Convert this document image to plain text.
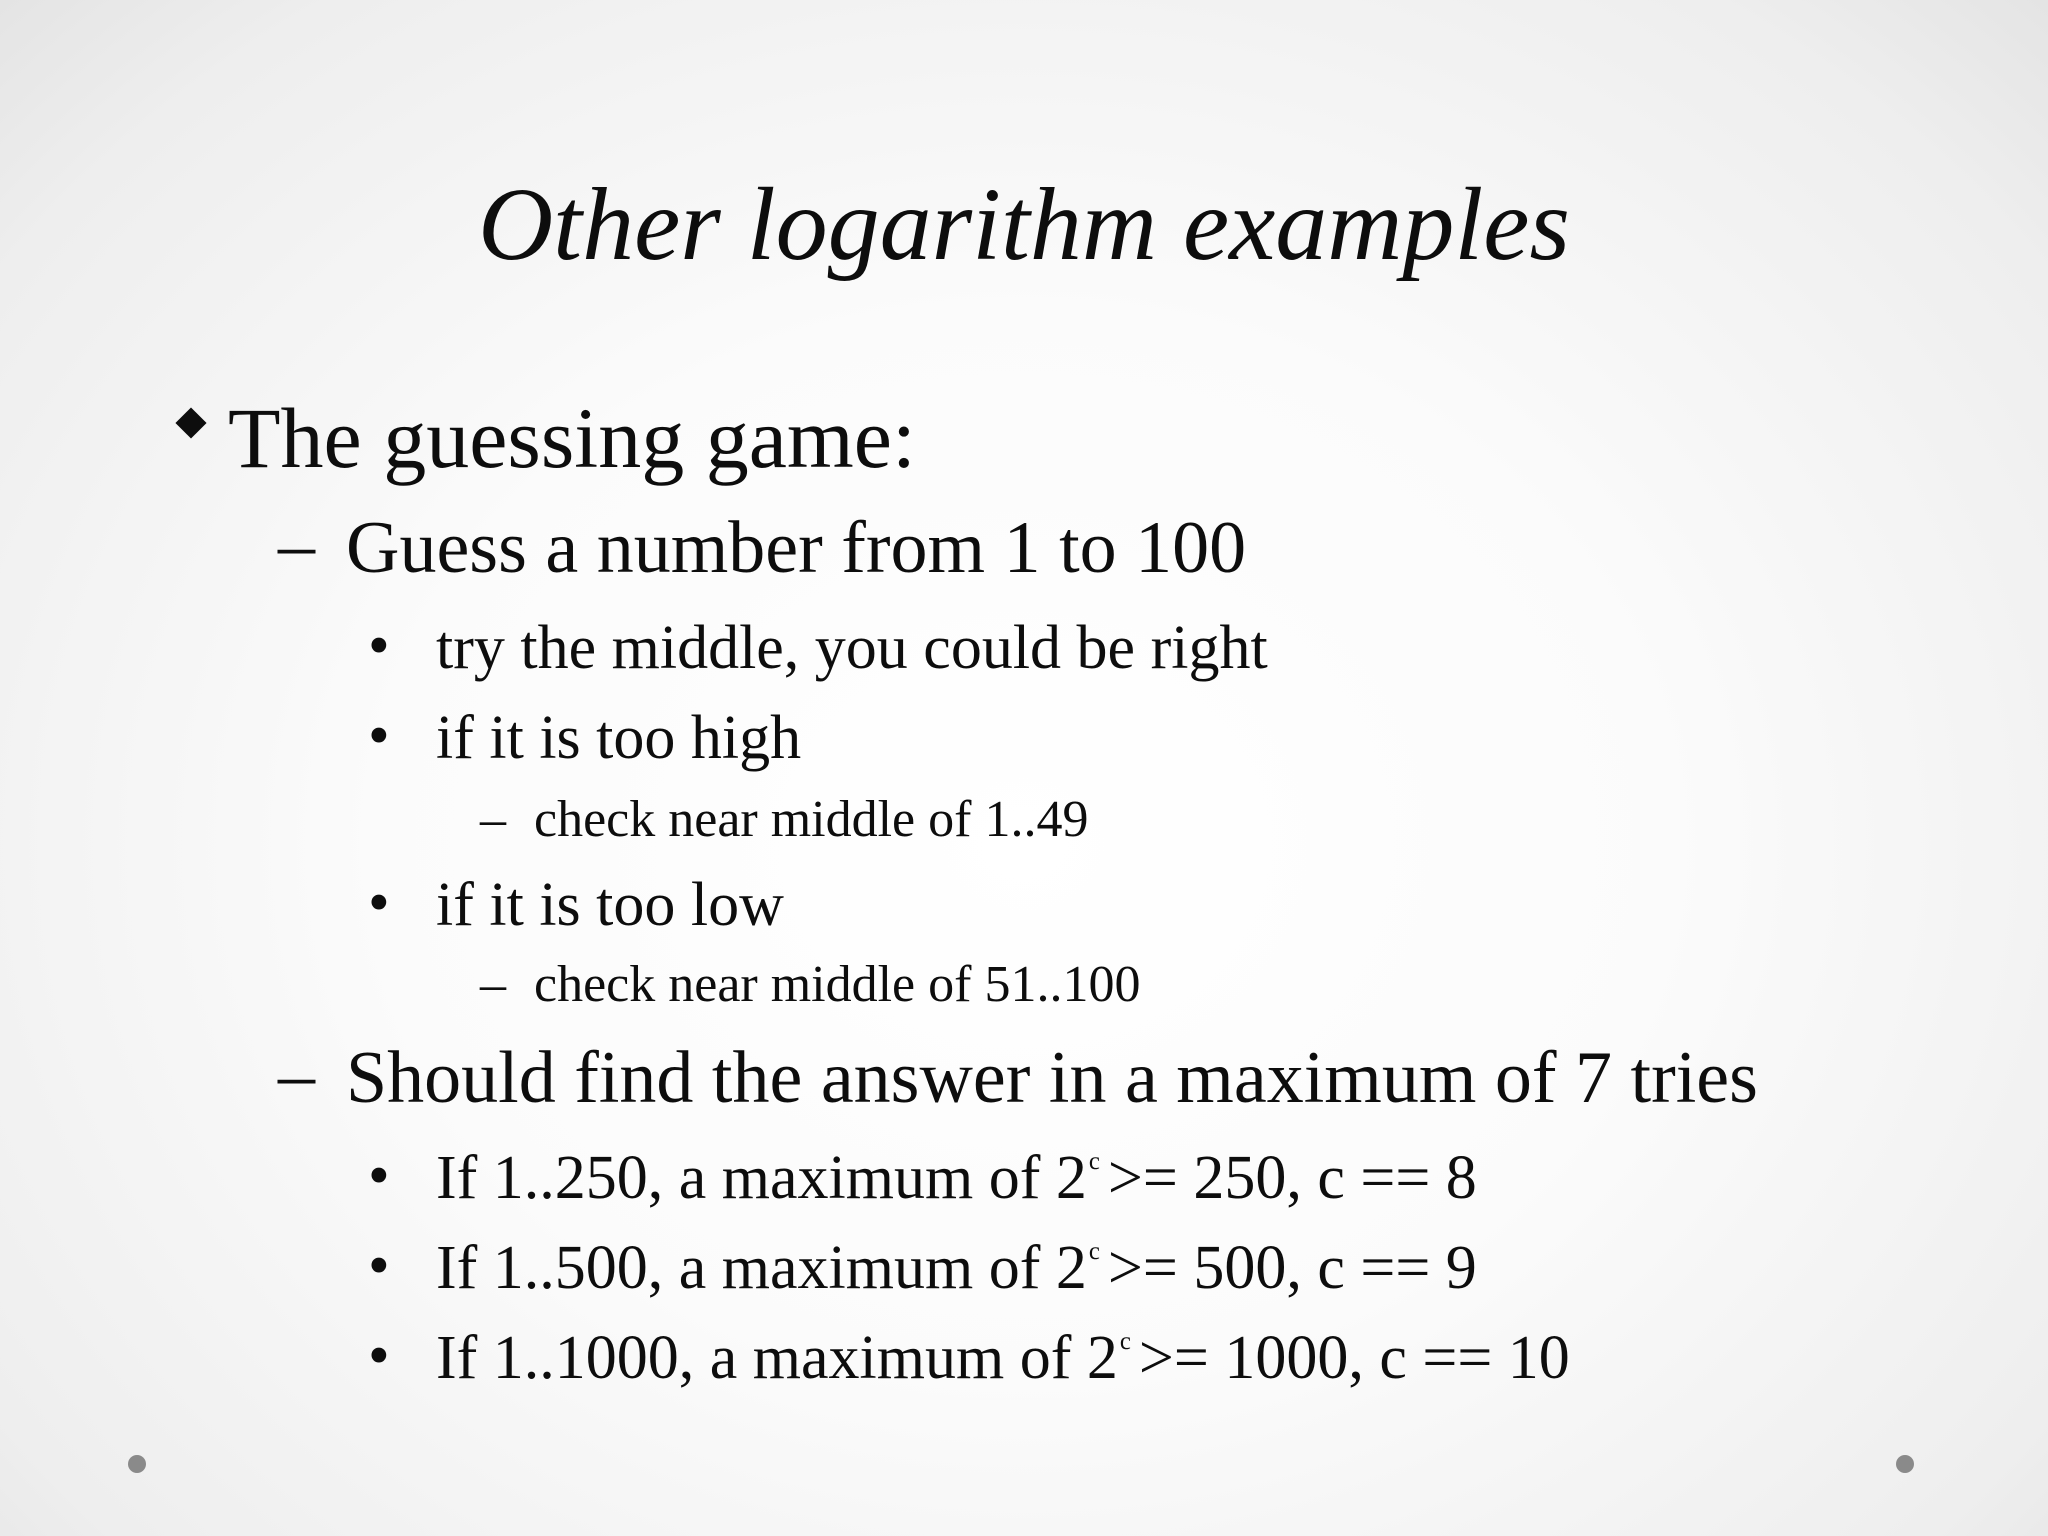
Other logarithm examples
The guessing game:
– Guess a number from 1 to 100
• try the middle, you could be right
• if it is too high
– check near middle of 1..49
• if it is too low
– check near middle of 51..100
– Should find the answer in a maximum of 7 tries
• If 1..250, a maximum of $2^c >= 250$, c == 8
• If 1..500, a maximum of $2^c >= 500$, c == 9
• If 1..1000, a maximum of $2^c >= 1000$, c == 10
